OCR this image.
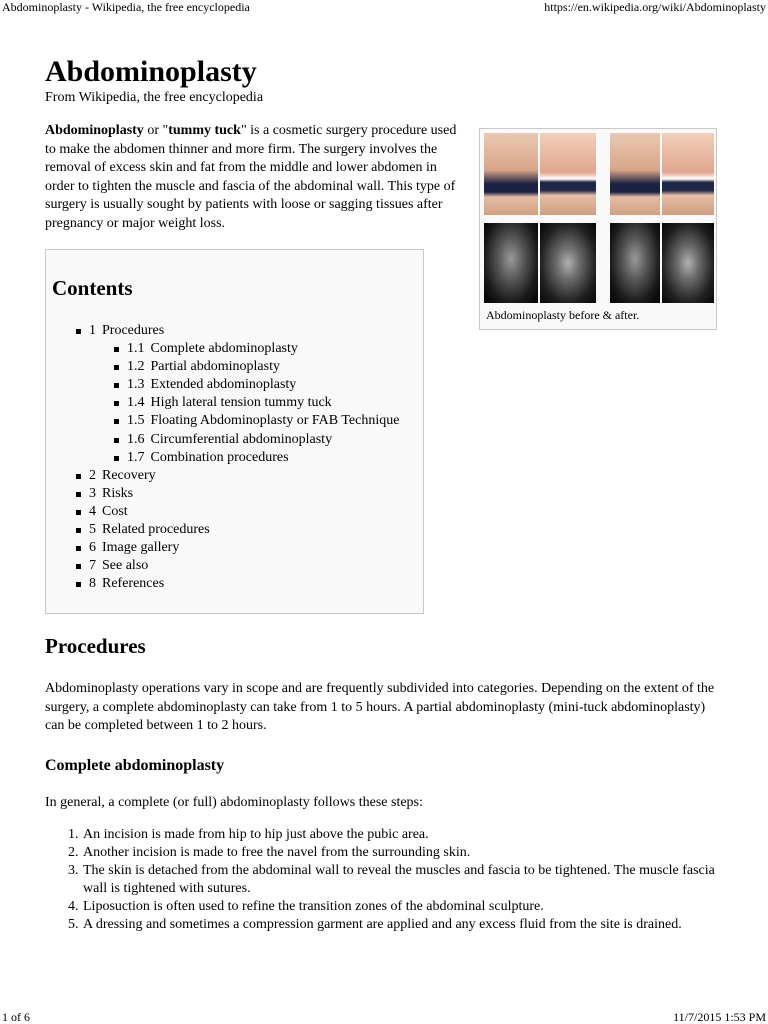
Abdominoplasty - Wikipedia, the free encyclopedia	https://en.wikipedia.org/wiki/Abdominoplasty
Abdominoplasty
From Wikipedia, the free encyclopedia
Abdominoplasty or "tummy tuck" is a cosmetic surgery procedure used to make the abdomen thinner and more firm. The surgery involves the removal of excess skin and fat from the middle and lower abdomen in order to tighten the muscle and fascia of the abdominal wall. This type of surgery is usually sought by patients with loose or sagging tissues after pregnancy or major weight loss.
Abdominoplasty before & after.
Contents
1 Procedures
1.1 Complete abdominoplasty
1.2 Partial abdominoplasty
1.3 Extended abdominoplasty
1.4 High lateral tension tummy tuck
1.5 Floating Abdominoplasty or FAB Technique
1.6 Circumferential abdominoplasty
1.7 Combination procedures
2 Recovery
3 Risks
4 Cost
5 Related procedures
6 Image gallery
7 See also
8 References
Procedures
Abdominoplasty operations vary in scope and are frequently subdivided into categories. Depending on the extent of the surgery, a complete abdominoplasty can take from 1 to 5 hours. A partial abdominoplasty (mini-tuck abdominoplasty) can be completed between 1 to 2 hours.
Complete abdominoplasty
In general, a complete (or full) abdominoplasty follows these steps:
1. An incision is made from hip to hip just above the pubic area.
2. Another incision is made to free the navel from the surrounding skin.
3. The skin is detached from the abdominal wall to reveal the muscles and fascia to be tightened. The muscle fascia wall is tightened with sutures.
4. Liposuction is often used to refine the transition zones of the abdominal sculpture.
5. A dressing and sometimes a compression garment are applied and any excess fluid from the site is drained.
1 of 6	11/7/2015 1:53 PM
